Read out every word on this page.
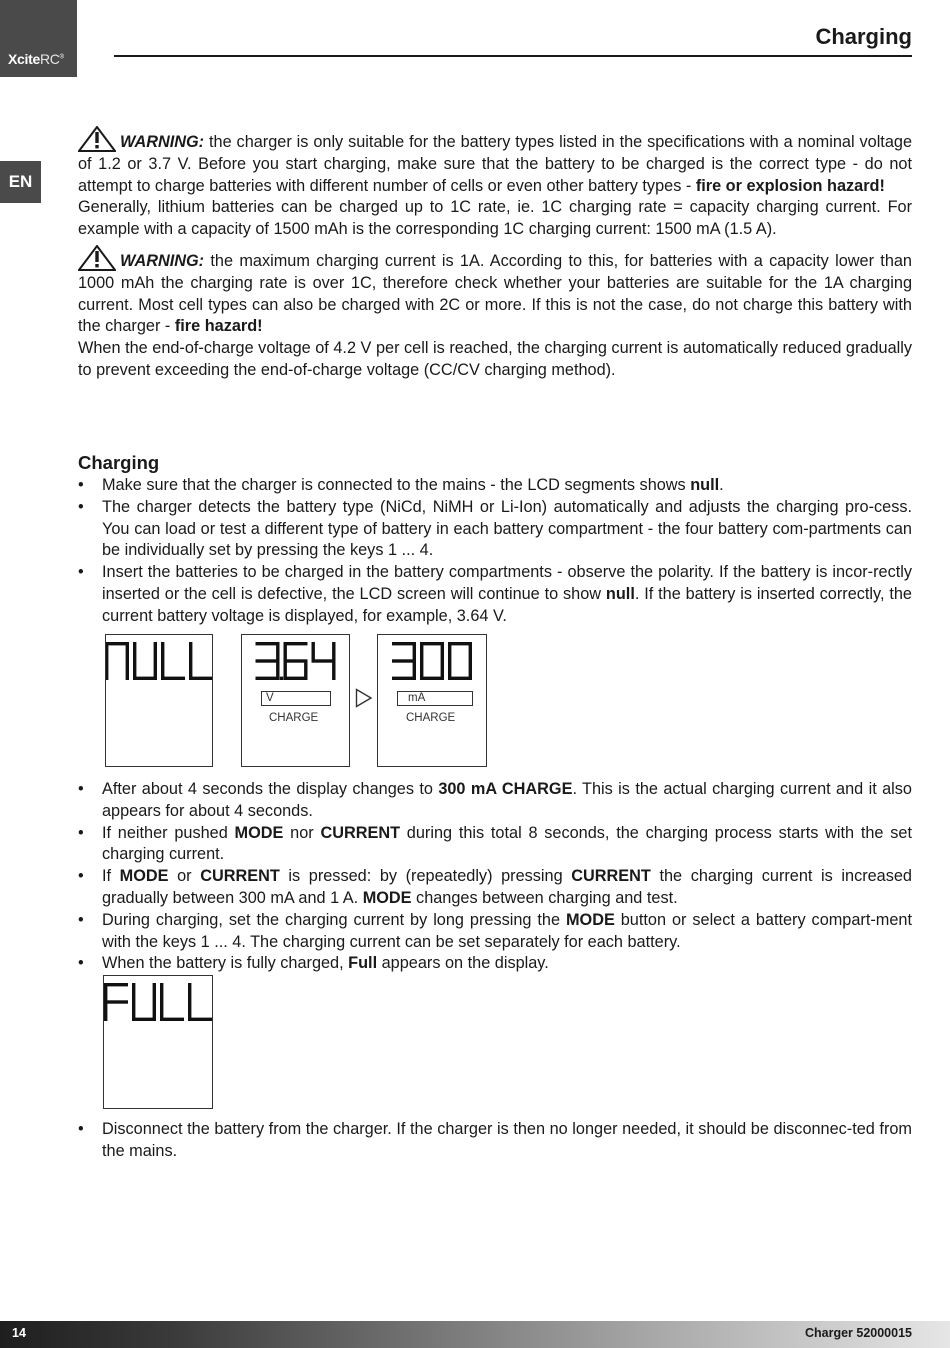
XciteRC®
EN
Charging

WARNING: the charger is only suitable for the battery types listed in the specifications with a nominal voltage of 1.2 or 3.7 V. Before you start charging, make sure that the battery to be charged is the correct type - do not attempt to charge batteries with different number of cells or even other battery types - fire or explosion hazard!

Generally, lithium batteries can be charged up to 1C rate, ie. 1C charging rate = capacity charging current. For example with a capacity of 1500 mAh is the corresponding 1C charging current: 1500 mA (1.5 A).

WARNING: the maximum charging current is 1A. According to this, for batteries with a capacity lower than 1000 mAh the charging rate is over 1C, therefore check whether your batteries are suitable for the 1A charging current. Most cell types can also be charged with 2C or more. If this is not the case, do not charge this battery with the charger - fire hazard!

When the end-of-charge voltage of 4.2 V per cell is reached, the charging current is automatically reduced gradually to prevent exceeding the end-of-charge voltage (CC/CV charging method).

Charging
• Make sure that the charger is connected to the mains - the LCD segments shows null.
• The charger detects the battery type (NiCd, NiMH or Li-Ion) automatically and adjusts the charging pro-cess. You can load or test a different type of battery in each battery compartment - the four battery com-partments can be individually set by pressing the keys 1 ... 4.
• Insert the batteries to be charged in the battery compartments - observe the polarity. If the battery is incor-rectly inserted or the cell is defective, the LCD screen will continue to show null. If the battery is inserted correctly, the current battery voltage is displayed, for example, 3.64 V.
V
CHARGE
mA
CHARGE
• After about 4 seconds the display changes to 300 mA CHARGE. This is the actual charging current and it also appears for about 4 seconds.
• If neither pushed MODE nor CURRENT during this total 8 seconds, the charging process starts with the set charging current.
• If MODE or CURRENT is pressed: by (repeatedly) pressing CURRENT the charging current is increased gradually between 300 mA and 1 A. MODE changes between charging and test.
• During charging, set the charging current by long pressing the MODE button or select a battery compart-ment with the keys 1 ... 4. The charging current can be set separately for each battery.
• When the battery is fully charged, Full appears on the display.
• Disconnect the battery from the charger. If the charger is then no longer needed, it should be disconnec-ted from the mains.
14	Charger 52000015
